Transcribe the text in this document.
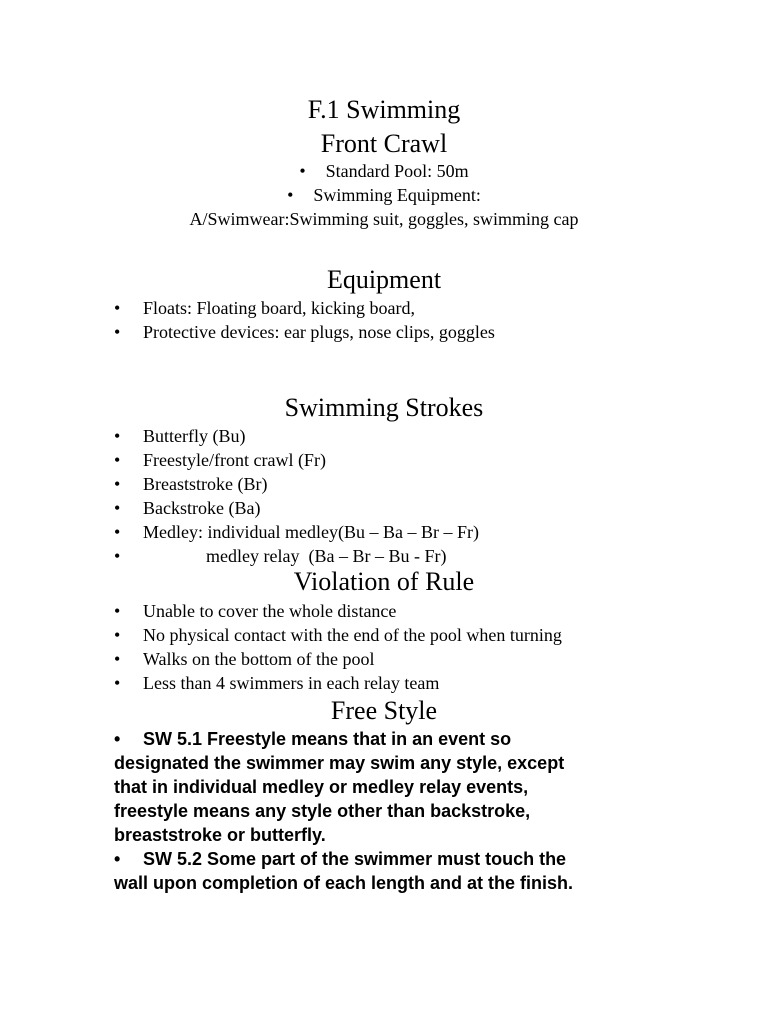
F.1 Swimming
Front Crawl
• Standard Pool: 50m
• Swimming Equipment:
A/Swimwear:Swimming suit, goggles, swimming cap
Equipment
• Floats: Floating board, kicking board,
• Protective devices: ear plugs, nose clips, goggles
Swimming Strokes
• Butterfly (Bu)
• Freestyle/front crawl (Fr)
• Breaststroke (Br)
• Backstroke (Ba)
• Medley: individual medley(Bu – Ba – Br – Fr)
• medley relay  (Ba – Br – Bu - Fr)
Violation of Rule
• Unable to cover the whole distance
• No physical contact with the end of the pool when turning
• Walks on the bottom of the pool
• Less than 4 swimmers in each relay team
Free Style
• SW 5.1 Freestyle means that in an event so
designated the swimmer may swim any style, except
that in individual medley or medley relay events,
freestyle means any style other than backstroke,
breaststroke or butterfly.
• SW 5.2 Some part of the swimmer must touch the
wall upon completion of each length and at the finish.
